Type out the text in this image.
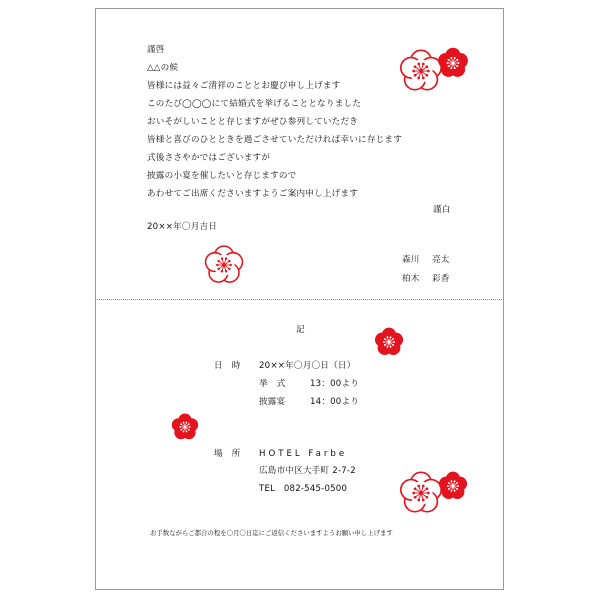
謹啓
△△の候
皆様には益々ご清祥のこととお慶び申し上げます
このたび◯◯◯にて結婚式を挙げることとなりました
おいそがしいことと存じますがぜひ参列していただき
皆様と喜びのひとときを過ごさせていただければ幸いに存じます
式後ささやかではございますが
披露の小宴を催したいと存じますので
あわせてご出席くださいますようご案内申し上げます
謹白
20××年〇月吉日
森川 亮太
柏木 彩香
記
日 時 20××年〇月〇日（日）
挙 式 13：00より
披露宴	14：00より
場 所 HOTEL Farbe
広島市中区大手町 2-7-2
TEL　082-545-0500
お手数ながらご都合の程を〇月〇日迄にご返信くださいますようお願い申し上げます
